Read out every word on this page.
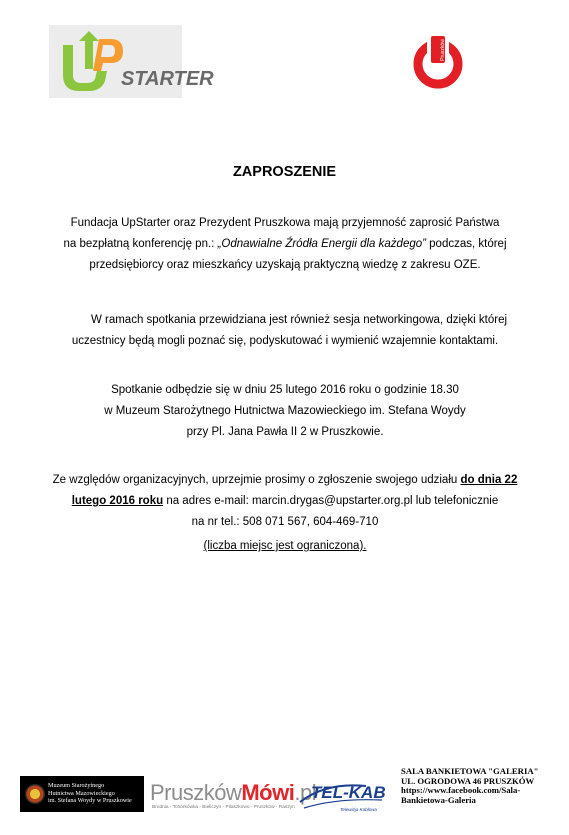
STARTER
Pruszków
ZAPROSZENIE
Fundacja UpStarter oraz Prezydent Pruszkowa mają przyjemność zaprosić Państwa
na bezpłatną konferencję pn.: „Odnawialne Źródła Energii dla każdego” podczas, której
przedsiębiorcy oraz mieszkańcy uzyskają praktyczną wiedzę z zakresu OZE.
W ramach spotkania przewidziana jest również sesja networkingowa, dzięki której
uczestnicy będą mogli poznać się, podyskutować i wymienić wzajemnie kontaktami.
Spotkanie odbędzie się w dniu 25 lutego 2016 roku o godzinie 18.30
w Muzeum Starożytnego Hutnictwa Mazowieckiego im. Stefana Woydy
przy Pl. Jana Pawła II 2 w Pruszkowie.
Ze względów organizacyjnych, uprzejmie prosimy o zgłoszenie swojego udziału do dnia 22
lutego 2016 roku na adres e-mail: marcin.drygas@upstarter.org.pl lub telefonicznie
na nr tel.: 508 071 567, 604-469-710
(liczba miejsc jest ograniczona).
Muzeum Starożytnego
Hutnictwa Mazowieckiego
im. Stefana Woydy w Pruszkowie PruszkówMówi.pl
Brodnia - Tchórkówka - Bieliczyn - Pilaszkowo - Pruszków - Raszyn
TEL-KAB
Telewizja Kablowa
SALA BANKIETOWA "GALERIA"
UL. OGRODOWA 46 PRUSZKÓW
https://www.facebook.com/Sala-
Bankietowa-Galeria
